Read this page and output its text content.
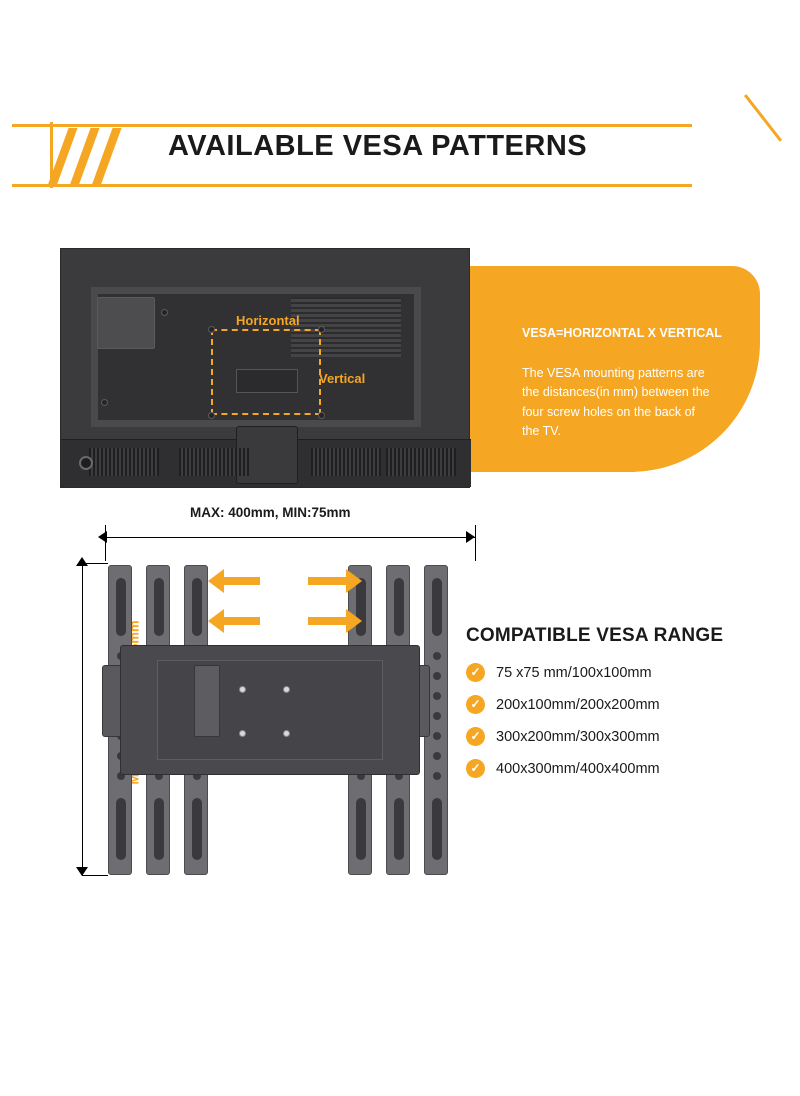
AVAILABLE VESA PATTERNS
VESA=HORIZONTAL X VERTICAL
The VESA mounting patterns are the distances(in mm) between the four screw holes on the back of the TV.
Horizontal
Vertical
MAX: 400mm, MIN:75mm
COMPATIBLE VESA RANGE
✓	75 x75 mm/100x100mm
✓	200x100mm/200x200mm
✓	300x200mm/300x300mm
✓	400x300mm/400x400mm
